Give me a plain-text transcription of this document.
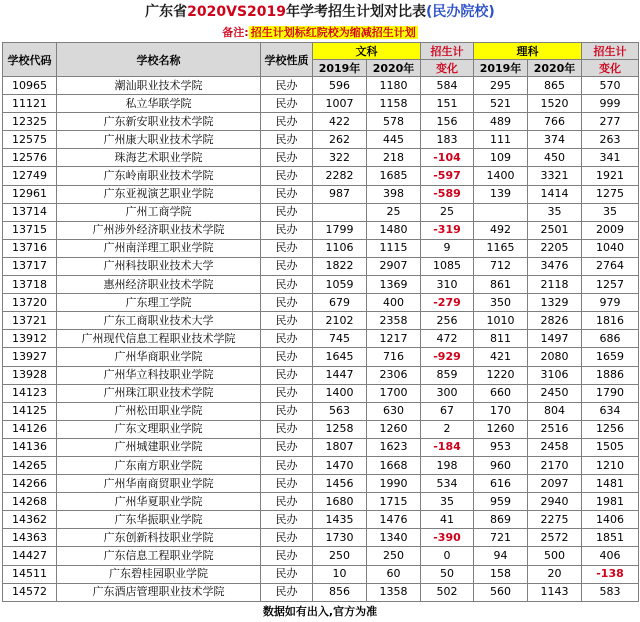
广东省2020VS2019年学考招生计划对比表(民办院校)
备注: 招生计划标红院校为缩减招生计划
学校代码	学校名称	学校性质	文科		招生计	理科		招生计
			2019年	2020年	变化	2019年	2020年	变化
10965	潮汕职业技术学院	民办	596	1180	584	295	865	570
11121	私立华联学院	民办	1007	1158	151	521	1520	999
12325	广东新安职业技术学院	民办	422	578	156	489	766	277
12575	广州康大职业技术学院	民办	262	445	183	111	374	263
12576	珠海艺术职业学院	民办	322	218	-104	109	450	341
12749	广东岭南职业技术学院	民办	2282	1685	-597	1400	3321	1921
12961	广东亚视演艺职业学院	民办	987	398	-589	139	1414	1275
13714	广州工商学院	民办		25	25		35	35
13715	广州涉外经济职业技术学院	民办	1799	1480	-319	492	2501	2009
13716	广州南洋理工职业学院	民办	1106	1115	9	1165	2205	1040
13717	广州科技职业技术大学	民办	1822	2907	1085	712	3476	2764
13718	惠州经济职业技术学院	民办	1059	1369	310	861	2118	1257
13720	广东理工学院	民办	679	400	-279	350	1329	979
13721	广东工商职业技术大学	民办	2102	2358	256	1010	2826	1816
13912	广州现代信息工程职业技术学院	民办	745	1217	472	811	1497	686
13927	广州华商职业学院	民办	1645	716	-929	421	2080	1659
13928	广州华立科技职业学院	民办	1447	2306	859	1220	3106	1886
14123	广州珠江职业技术学院	民办	1400	1700	300	660	2450	1790
14125	广州松田职业学院	民办	563	630	67	170	804	634
14126	广东文理职业学院	民办	1258	1260	2	1260	2516	1256
14136	广州城建职业学院	民办	1807	1623	-184	953	2458	1505
14265	广东南方职业学院	民办	1470	1668	198	960	2170	1210
14266	广州华南商贸职业学院	民办	1456	1990	534	616	2097	1481
14268	广州华夏职业学院	民办	1680	1715	35	959	2940	1981
14362	广东华振职业学院	民办	1435	1476	41	869	2275	1406
14363	广东创新科技职业学院	民办	1730	1340	-390	721	2572	1851
14427	广东信息工程职业学院	民办	250	250	0	94	500	406
14511	广东碧桂园职业学院	民办	10	60	50	158	20	-138
14572	广东酒店管理职业技术学院	民办	856	1358	502	560	1143	583
数据如有出入,官方为准
